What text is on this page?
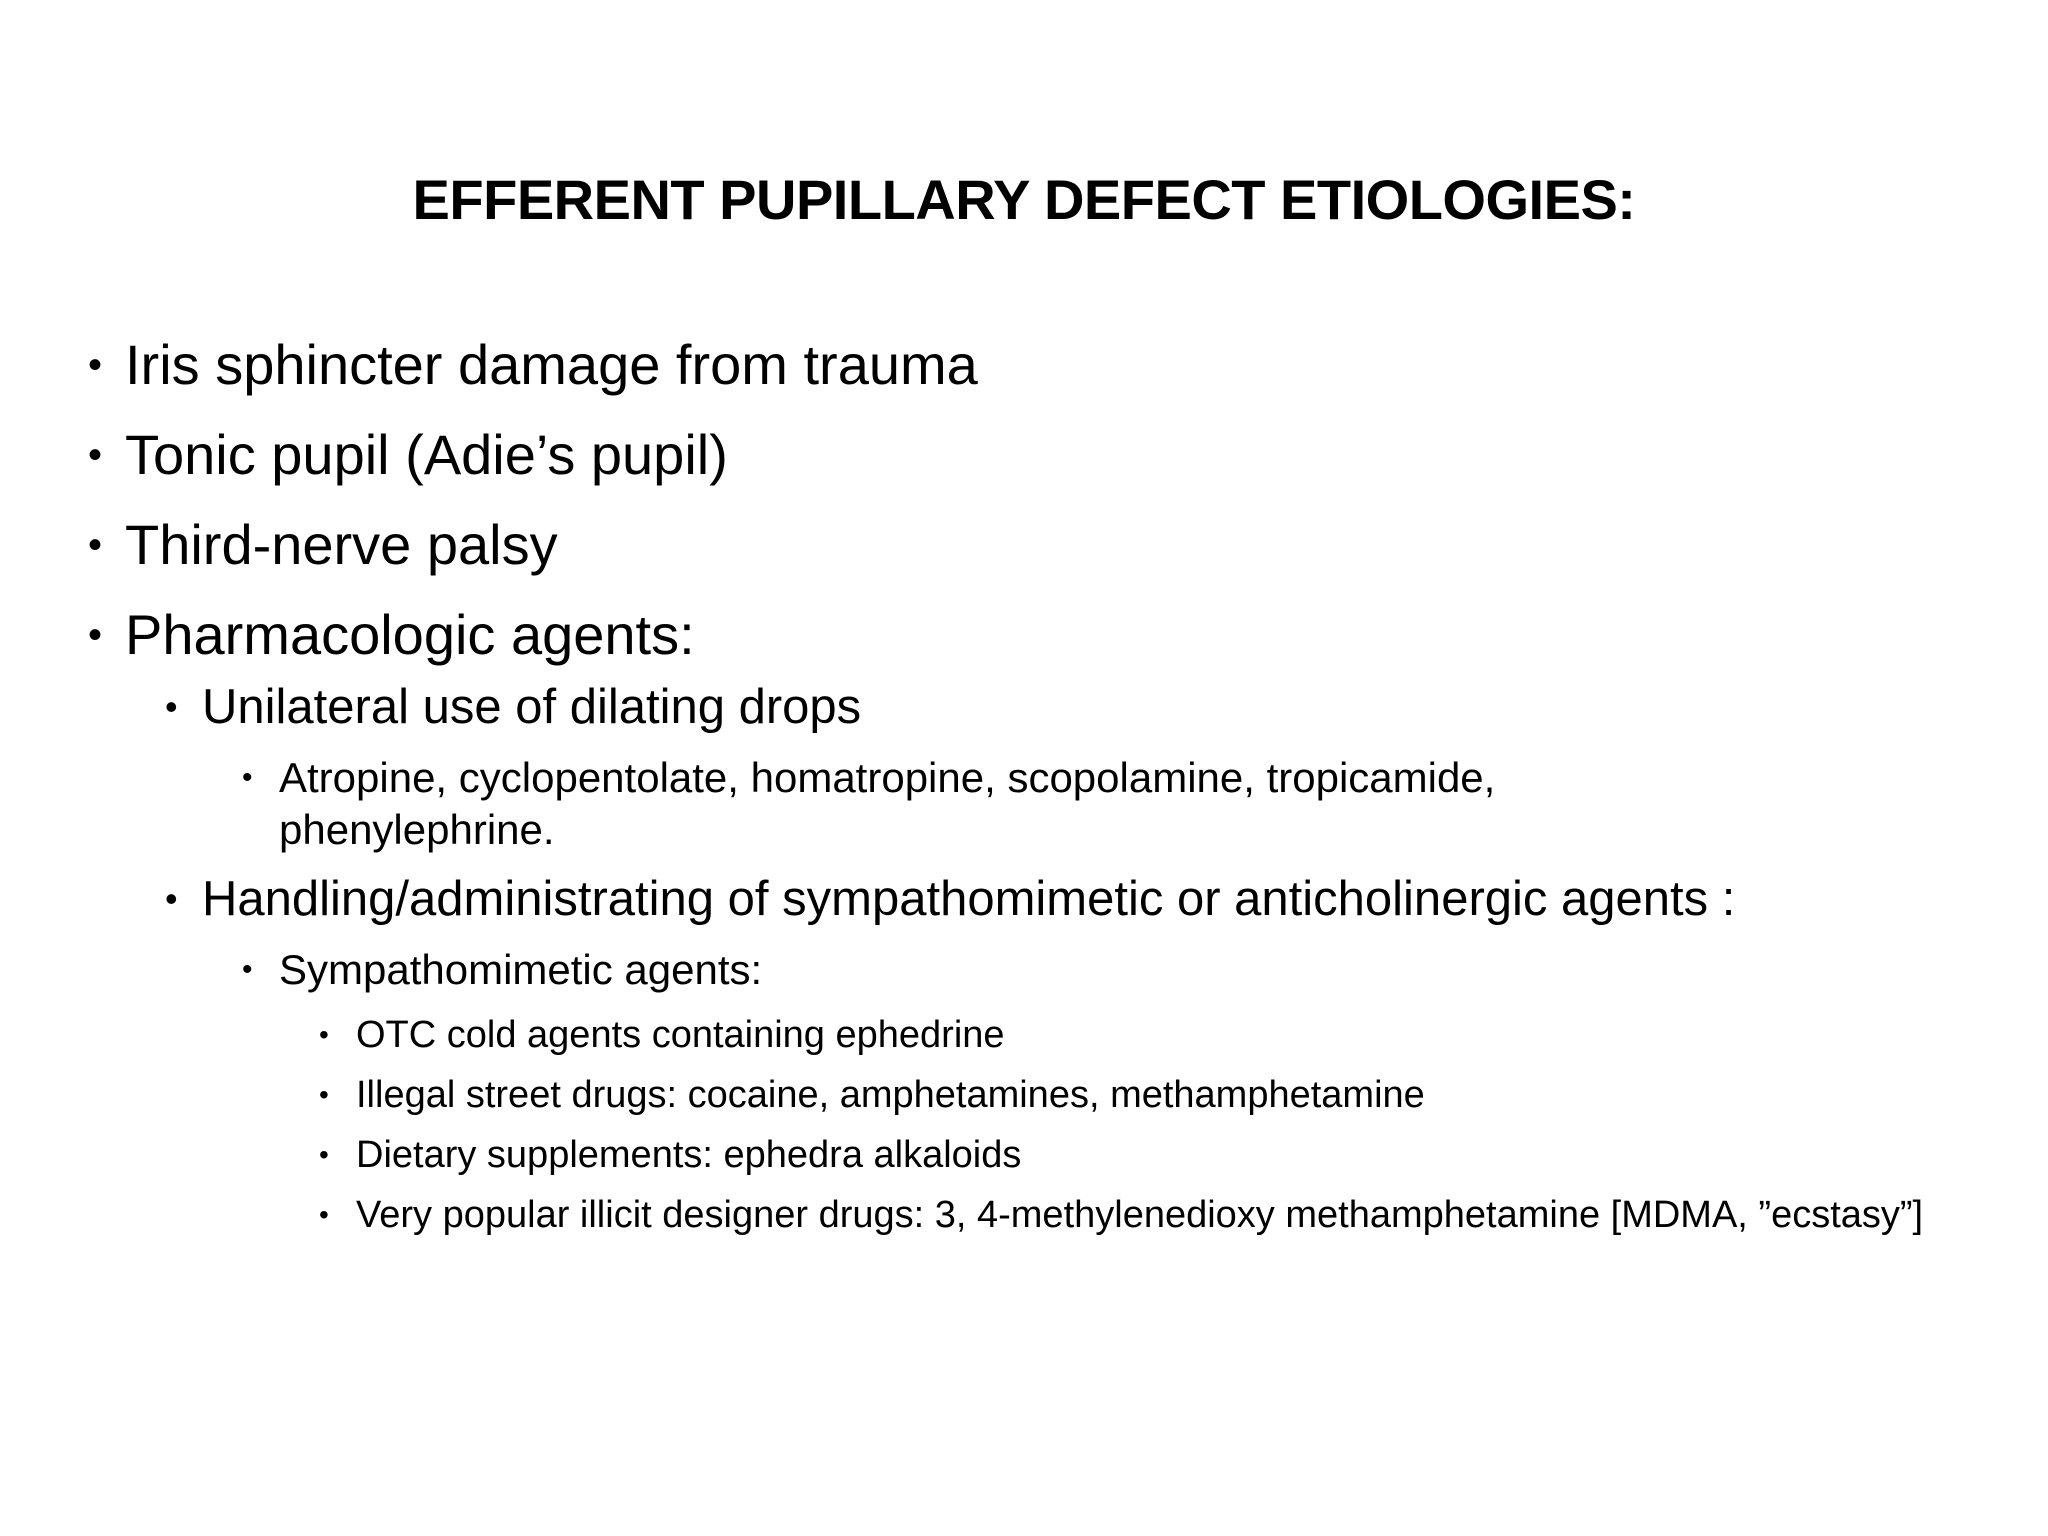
EFFERENT PUPILLARY DEFECT ETIOLOGIES:
• Iris sphincter damage from trauma
• Tonic pupil (Adie’s pupil)
• Third-nerve palsy
• Pharmacologic agents:
• Unilateral use of dilating drops
• Atropine, cyclopentolate, homatropine, scopolamine, tropicamide, phenylephrine.
• Handling/administrating of sympathomimetic or anticholinergic agents :
• Sympathomimetic agents:
• OTC cold agents containing ephedrine
• Illegal street drugs: cocaine, amphetamines, methamphetamine
• Dietary supplements: ephedra alkaloids
• Very popular illicit designer drugs: 3, 4-methylenedioxy methamphetamine [MDMA, ”ecstasy”]
